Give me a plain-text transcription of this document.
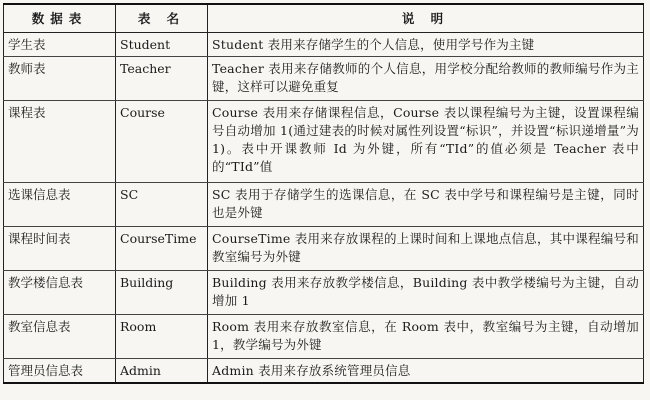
数据表	表 名	说 明
学生表	Student	Student 表用来存储学生的个人信息，使用学号作为主键
教师表	Teacher	Teacher 表用来存储教师的个人信息，用学校分配给教师的教师编号作为主键，这样可以避免重复
课程表	Course	Course 表用来存储课程信息，Course 表以课程编号为主键，设置课程编号自动增加 1(通过建表的时候对属性列设置“标识”，并设置“标识递增量”为 1)。表中开课教师 Id 为外键，所有“TId”的值必须是 Teacher 表中的“TId”值
选课信息表	SC	SC 表用于存储学生的选课信息，在 SC 表中学号和课程编号是主键，同时也是外键
课程时间表	CourseTime	CourseTime 表用来存放课程的上课时间和上课地点信息，其中课程编号和教室编号为外键
教学楼信息表	Building	Building 表用来存放教学楼信息，Building 表中教学楼编号为主键，自动增加 1
教室信息表	Room	Room 表用来存放教室信息，在 Room 表中，教室编号为主键，自动增加 1，教学编号为外键
管理员信息表	Admin	Admin 表用来存放系统管理员信息
